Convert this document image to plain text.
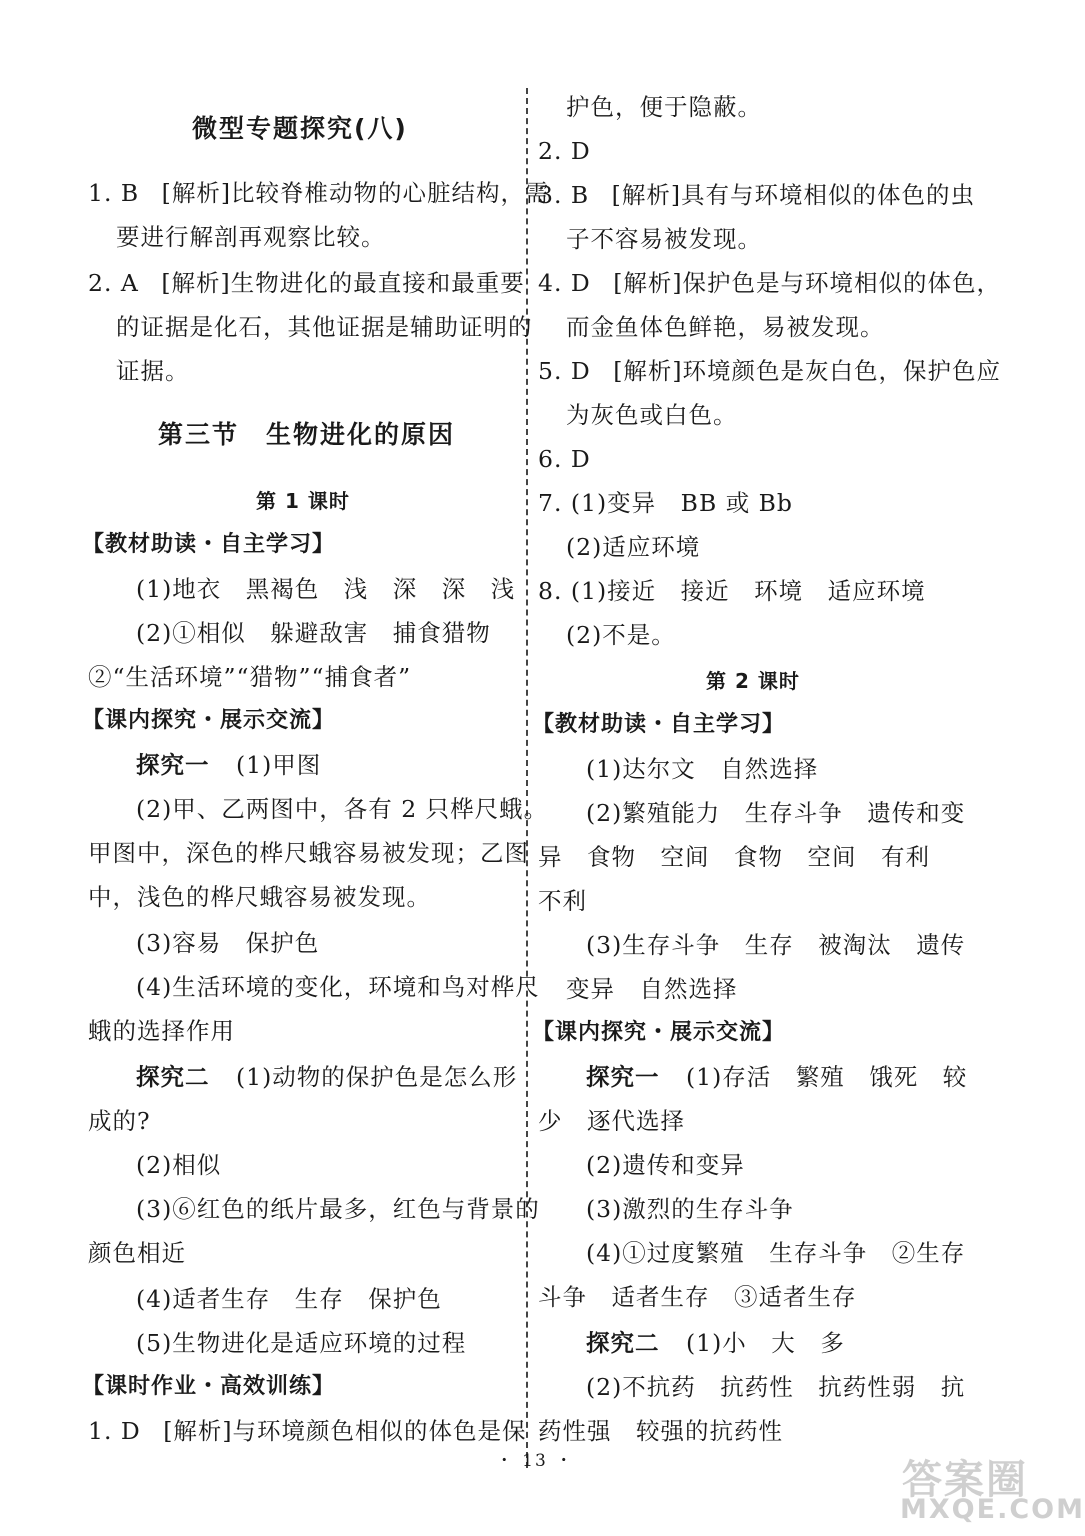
微型专题探究(八)
1. B [解析]比较脊椎动物的心脏结构，需
要进行解剖再观察比较。
2. A [解析]生物进化的最直接和最重要
的证据是化石，其他证据是辅助证明的
证据。
第三节　生物进化的原因
第 1 课时
【教材助读・自主学习】
(1)地衣　黑褐色　浅　深　深　浅
(2)①相似　躲避敌害　捕食猎物
②“生活环境”“猎物”“捕食者”
【课内探究・展示交流】
探究一 (1)甲图
(2)甲、乙两图中，各有 2 只桦尺蛾。
甲图中，深色的桦尺蛾容易被发现；乙图
中，浅色的桦尺蛾容易被发现。
(3)容易　保护色
(4)生活环境的变化，环境和鸟对桦尺
蛾的选择作用
探究二 (1)动物的保护色是怎么形
成的?
(2)相似
(3)⑥红色的纸片最多，红色与背景的
颜色相近
(4)适者生存　生存　保护色
(5)生物进化是适应环境的过程
【课时作业・高效训练】
1. D [解析]与环境颜色相似的体色是保
护色，便于隐蔽。
2. D
3. B [解析]具有与环境相似的体色的虫
子不容易被发现。
4. D [解析]保护色是与环境相似的体色，
而金鱼体色鲜艳，易被发现。
5. D [解析]环境颜色是灰白色，保护色应
为灰色或白色。
6. D
7. (1)变异　BB 或 Bb
(2)适应环境
8. (1)接近　接近　环境　适应环境
(2)不是。
第 2 课时
【教材助读・自主学习】
(1)达尔文　自然选择
(2)繁殖能力　生存斗争　遗传和变
异　食物　空间　食物　空间　有利
不利
(3)生存斗争　生存　被淘汰　遗传
变异　自然选择
【课内探究・展示交流】
探究一 (1)存活　繁殖　饿死　较
少　逐代选择
(2)遗传和变异
(3)激烈的生存斗争
(4)①过度繁殖　生存斗争　②生存
斗争　适者生存　③适者生存
探究二 (1)小　大　多
(2)不抗药　抗药性　抗药性弱　抗
药性强　较强的抗药性
・ 13 ・	答案圈
MXQE.COM
